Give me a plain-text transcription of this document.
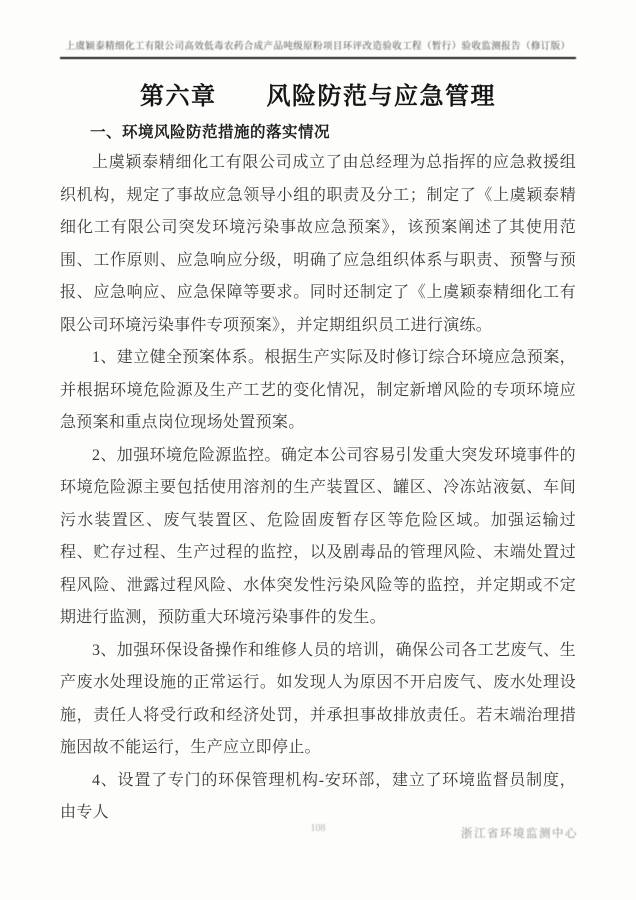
上虞颖泰精细化工有限公司高效低毒农药合成产品吨级原粉项目环评改造验收工程（暂行）验收监测报告（修订版）
第六章 风险防范与应急管理
一、环境风险防范措施的落实情况

上虞颖泰精细化工有限公司成立了由总经理为总指挥的应急救援组织机构，规定了事故应急领导小组的职责及分工；制定了《上虞颖泰精细化工有限公司突发环境污染事故应急预案》，该预案阐述了其使用范围、工作原则、应急响应分级，明确了应急组织体系与职责、预警与预报、应急响应、应急保障等要求。同时还制定了《上虞颖泰精细化工有限公司环境污染事件专项预案》，并定期组织员工进行演练。

1、建立健全预案体系。根据生产实际及时修订综合环境应急预案，并根据环境危险源及生产工艺的变化情况，制定新增风险的专项环境应急预案和重点岗位现场处置预案。

2、加强环境危险源监控。确定本公司容易引发重大突发环境事件的环境危险源主要包括使用溶剂的生产装置区、罐区、冷冻站液氨、车间污水装置区、废气装置区、危险固废暂存区等危险区域。加强运输过程、贮存过程、生产过程的监控，以及剧毒品的管理风险、末端处置过程风险、泄露过程风险、水体突发性污染风险等的监控，并定期或不定期进行监测，预防重大环境污染事件的发生。

3、加强环保设备操作和维修人员的培训，确保公司各工艺废气、生产废水处理设施的正常运行。如发现人为原因不开启废气、废水处理设施，责任人将受行政和经济处罚，并承担事故排放责任。若末端治理措施因故不能运行，生产应立即停止。

4、设置了专门的环保管理机构-安环部，建立了环境监督员制度，由专人

108	浙江省环境监测中心
